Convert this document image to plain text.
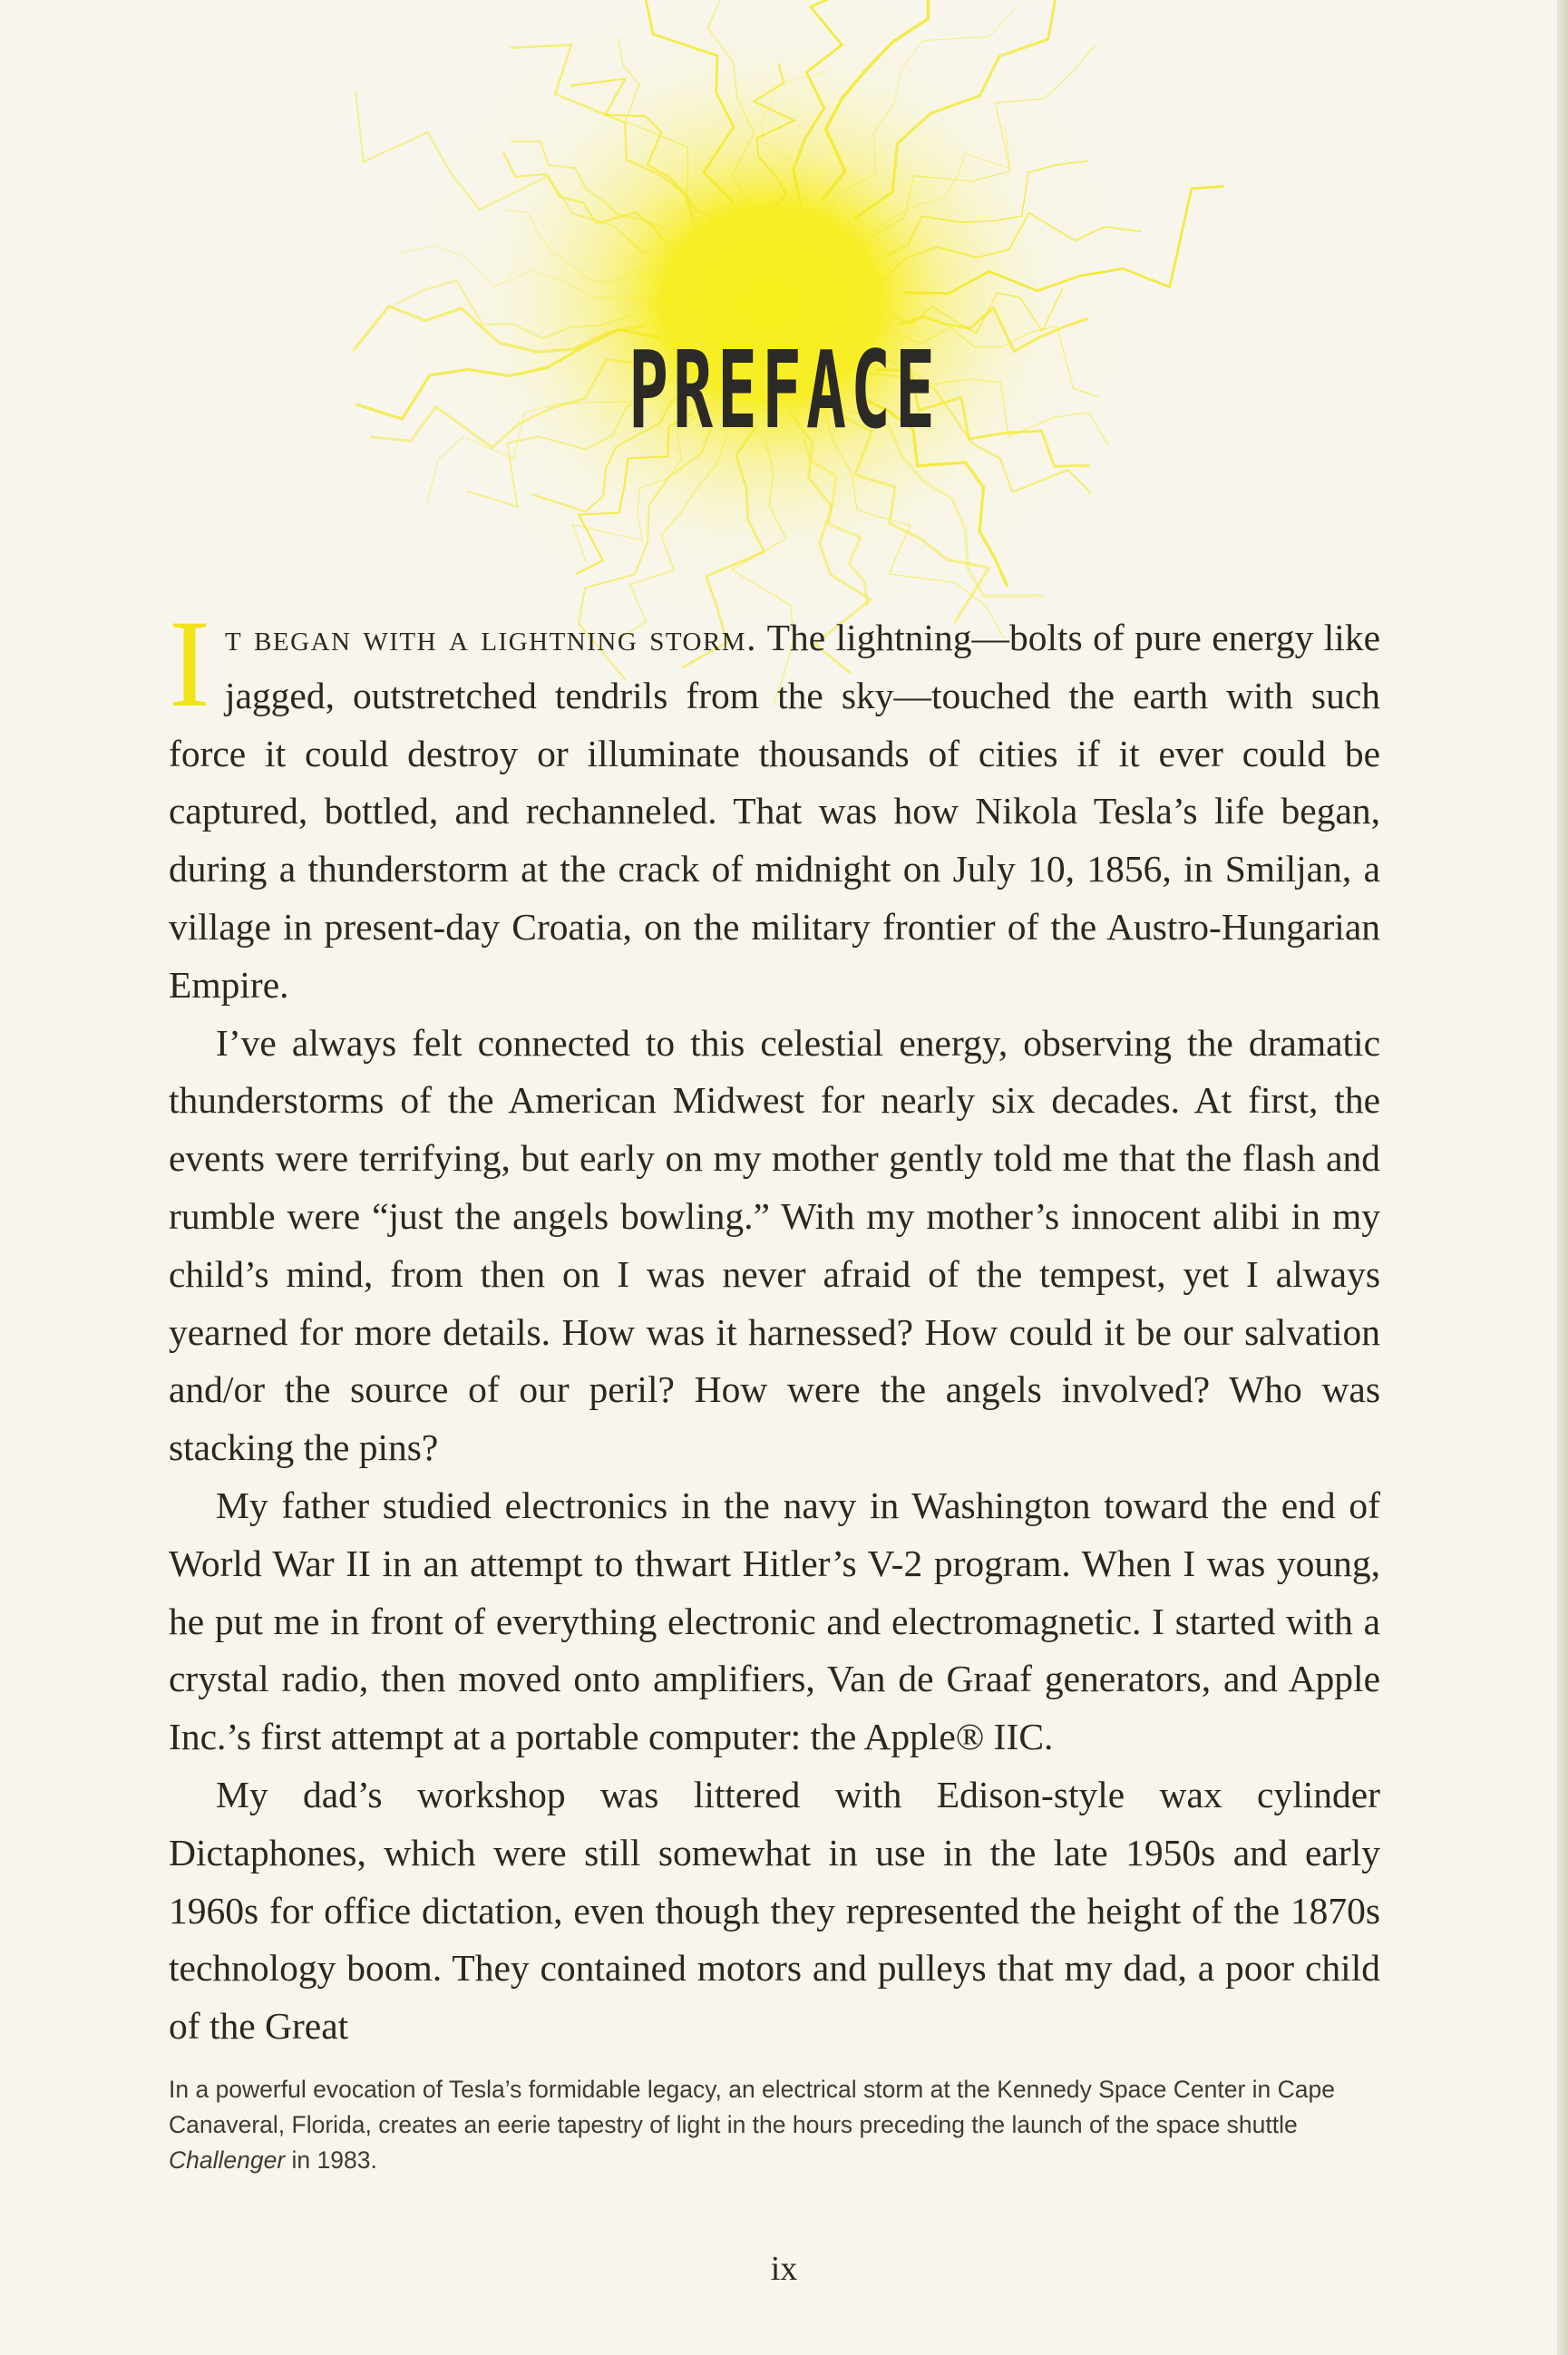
PREFACE

It began with a lightning storm. The lightning—bolts of pure energy like jagged, outstretched tendrils from the sky—touched the earth with such force it could destroy or illuminate thousands of cities if it ever could be captured, bottled, and rechanneled. That was how Nikola Tesla’s life began, during a thunderstorm at the crack of midnight on July 10, 1856, in Smiljan, a village in present-day Croatia, on the military frontier of the Austro-Hungarian Empire.

I’ve always felt connected to this celestial energy, observing the dramatic thunderstorms of the American Midwest for nearly six decades. At first, the events were terrifying, but early on my mother gently told me that the flash and rumble were “just the angels bowling.” With my mother’s innocent alibi in my child’s mind, from then on I was never afraid of the tempest, yet I always yearned for more details. How was it harnessed? How could it be our salvation and/or the source of our peril? How were the angels involved? Who was stacking the pins?

My father studied electronics in the navy in Washington toward the end of World War II in an attempt to thwart Hitler’s V-2 program. When I was young, he put me in front of everything electronic and electromagnetic. I started with a crystal radio, then moved onto amplifiers, Van de Graaf generators, and Apple Inc.’s first attempt at a portable computer: the Apple® IIC.

My dad’s workshop was littered with Edison-style wax cylinder Dictaphones, which were still somewhat in use in the late 1950s and early 1960s for office dictation, even though they represented the height of the 1870s technology boom. They contained motors and pulleys that my dad, a poor child of the Great

In a powerful evocation of Tesla’s formidable legacy, an electrical storm at the Kennedy Space Center in Cape Canaveral, Florida, creates an eerie tapestry of light in the hours preceding the launch of the space shuttle Challenger in 1983.
ix
